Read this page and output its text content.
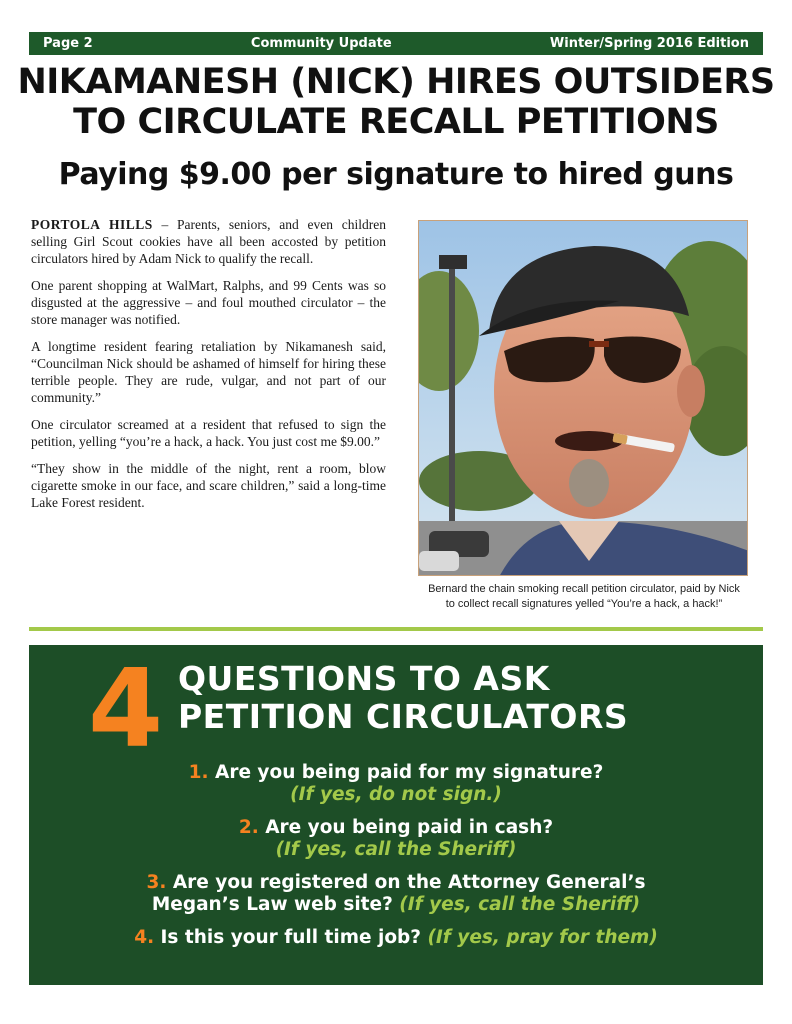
Page 2	Community Update	Winter/Spring 2016 Edition
NIKAMANESH (NICK) HIRES OUTSIDERS
TO CIRCULATE RECALL PETITIONS
Paying $9.00 per signature to hired guns

PORTOLA HILLS – Parents, seniors, and even children selling Girl Scout cookies have all been accosted by petition circulators hired by Adam Nick to qualify the recall.

One parent shopping at WalMart, Ralphs, and 99 Cents was so disgusted at the aggressive – and foul mouthed circulator – the store manager was notified.

A longtime resident fearing retaliation by Nikamanesh said, “Councilman Nick should be ashamed of himself for hiring these terrible people. They are rude, vulgar, and not part of our community.”

One circulator screamed at a resident that refused to sign the petition, yelling “you’re a hack, a hack. You just cost me $9.00.”

“They show in the middle of the night, rent a room, blow cigarette smoke in our face, and scare children,” said a long-time Lake Forest resident.

Bernard the chain smoking recall petition circulator, paid by Nick
to collect recall signatures yelled “You’re a hack, a hack!”
4 QUESTIONS TO ASK
PETITION CIRCULATORS
1. Are you being paid for my signature?
(If yes, do not sign.)
2. Are you being paid in cash?
(If yes, call the Sheriff)
3. Are you registered on the Attorney General’s
Megan’s Law web site? (If yes, call the Sheriff)
4. Is this your full time job? (If yes, pray for them)
